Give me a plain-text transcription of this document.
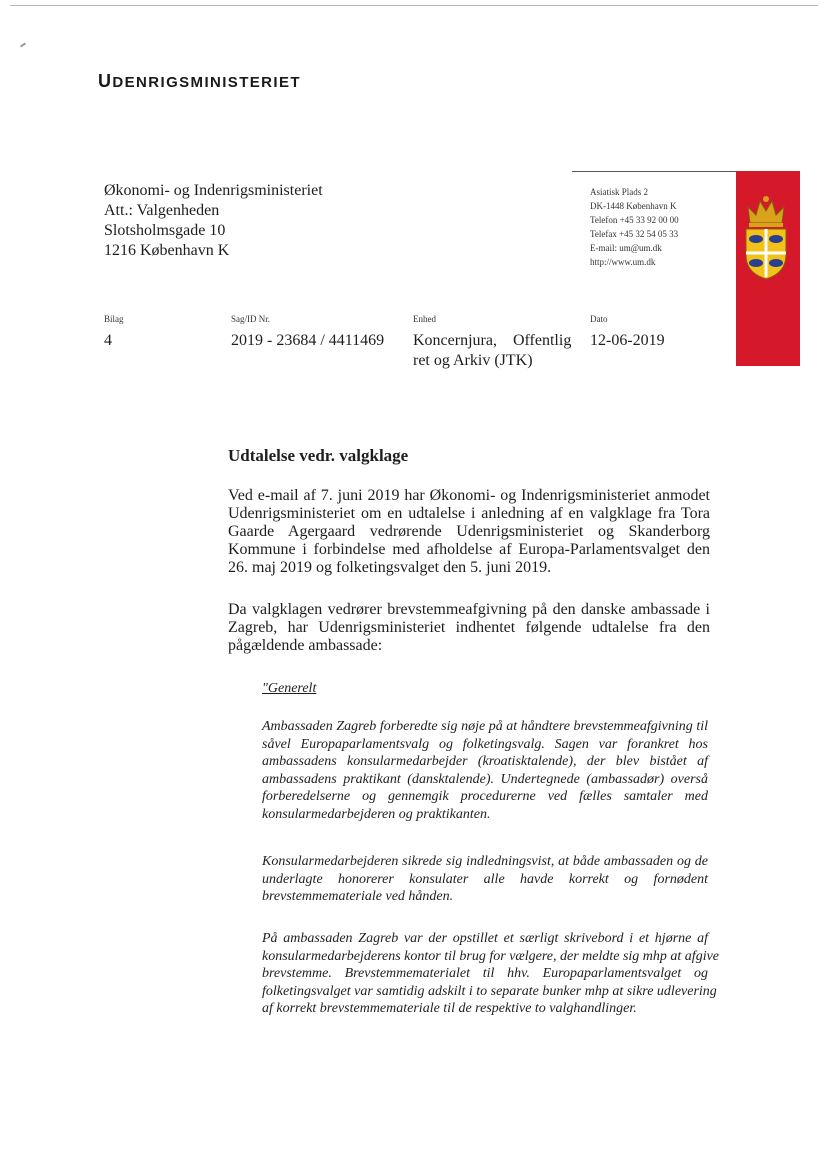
UDENRIGSMINISTERIET
Økonomi- og Indenrigsministeriet
Att.: Valgenheden
Slotsholmsgade 10
1216 København K
Asiatisk Plads 2
DK-1448 København K
Telefon +45 33 92 00 00
Telefax +45 32 54 05 33
E-mail: um@um.dk
http://www.um.dk
Bilag
4
Sag/ID Nr.
2019 - 23684 / 4411469
Enhed
Koncernjura,    Offentlig
ret og Arkiv (JTK)
Dato
12-06-2019
Udtalelse vedr. valgklage
Ved e-mail af 7. juni 2019 har Økonomi- og Indenrigsministeriet anmodet
Udenrigsministeriet om en udtalelse i anledning af en valgklage fra Tora
Gaarde Agergaard vedrørende Udenrigsministeriet og Skanderborg
Kommune i forbindelse med afholdelse af Europa-Parlamentsvalget den
26. maj 2019 og folketingsvalget den 5. juni 2019.
Da valgklagen vedrører brevstemmeafgivning på den danske ambassade i
Zagreb, har Udenrigsministeriet indhentet følgende udtalelse fra den
pågældende ambassade:
"Generelt
Ambassaden Zagreb forberedte sig nøje på at håndtere brevstemmeafgivning til
såvel Europaparlamentsvalg og folketingsvalg. Sagen var forankret hos
ambassadens konsularmedarbejder (kroatisktalende), der blev bistået af
ambassadens praktikant (dansktalende). Undertegnede (ambassadør) overså
forberedelserne og gennemgik procedurerne ved fælles samtaler med
konsularmedarbejderen og praktikanten.
Konsularmedarbejderen sikrede sig indledningsvist, at både ambassaden og de
underlagte honorerer konsulater alle havde korrekt og fornødent
brevstemmemateriale ved hånden.
På ambassaden Zagreb var der opstillet et særligt skrivebord i et hjørne af
konsularmedarbejderens kontor til brug for vælgere, der meldte sig mhp at afgive
brevstemme. Brevstemmematerialet til hhv. Europaparlamentsvalget og
folketingsvalget var samtidig adskilt i to separate bunker mhp at sikre udlevering
af korrekt brevstemmemateriale til de respektive to valghandlinger.
